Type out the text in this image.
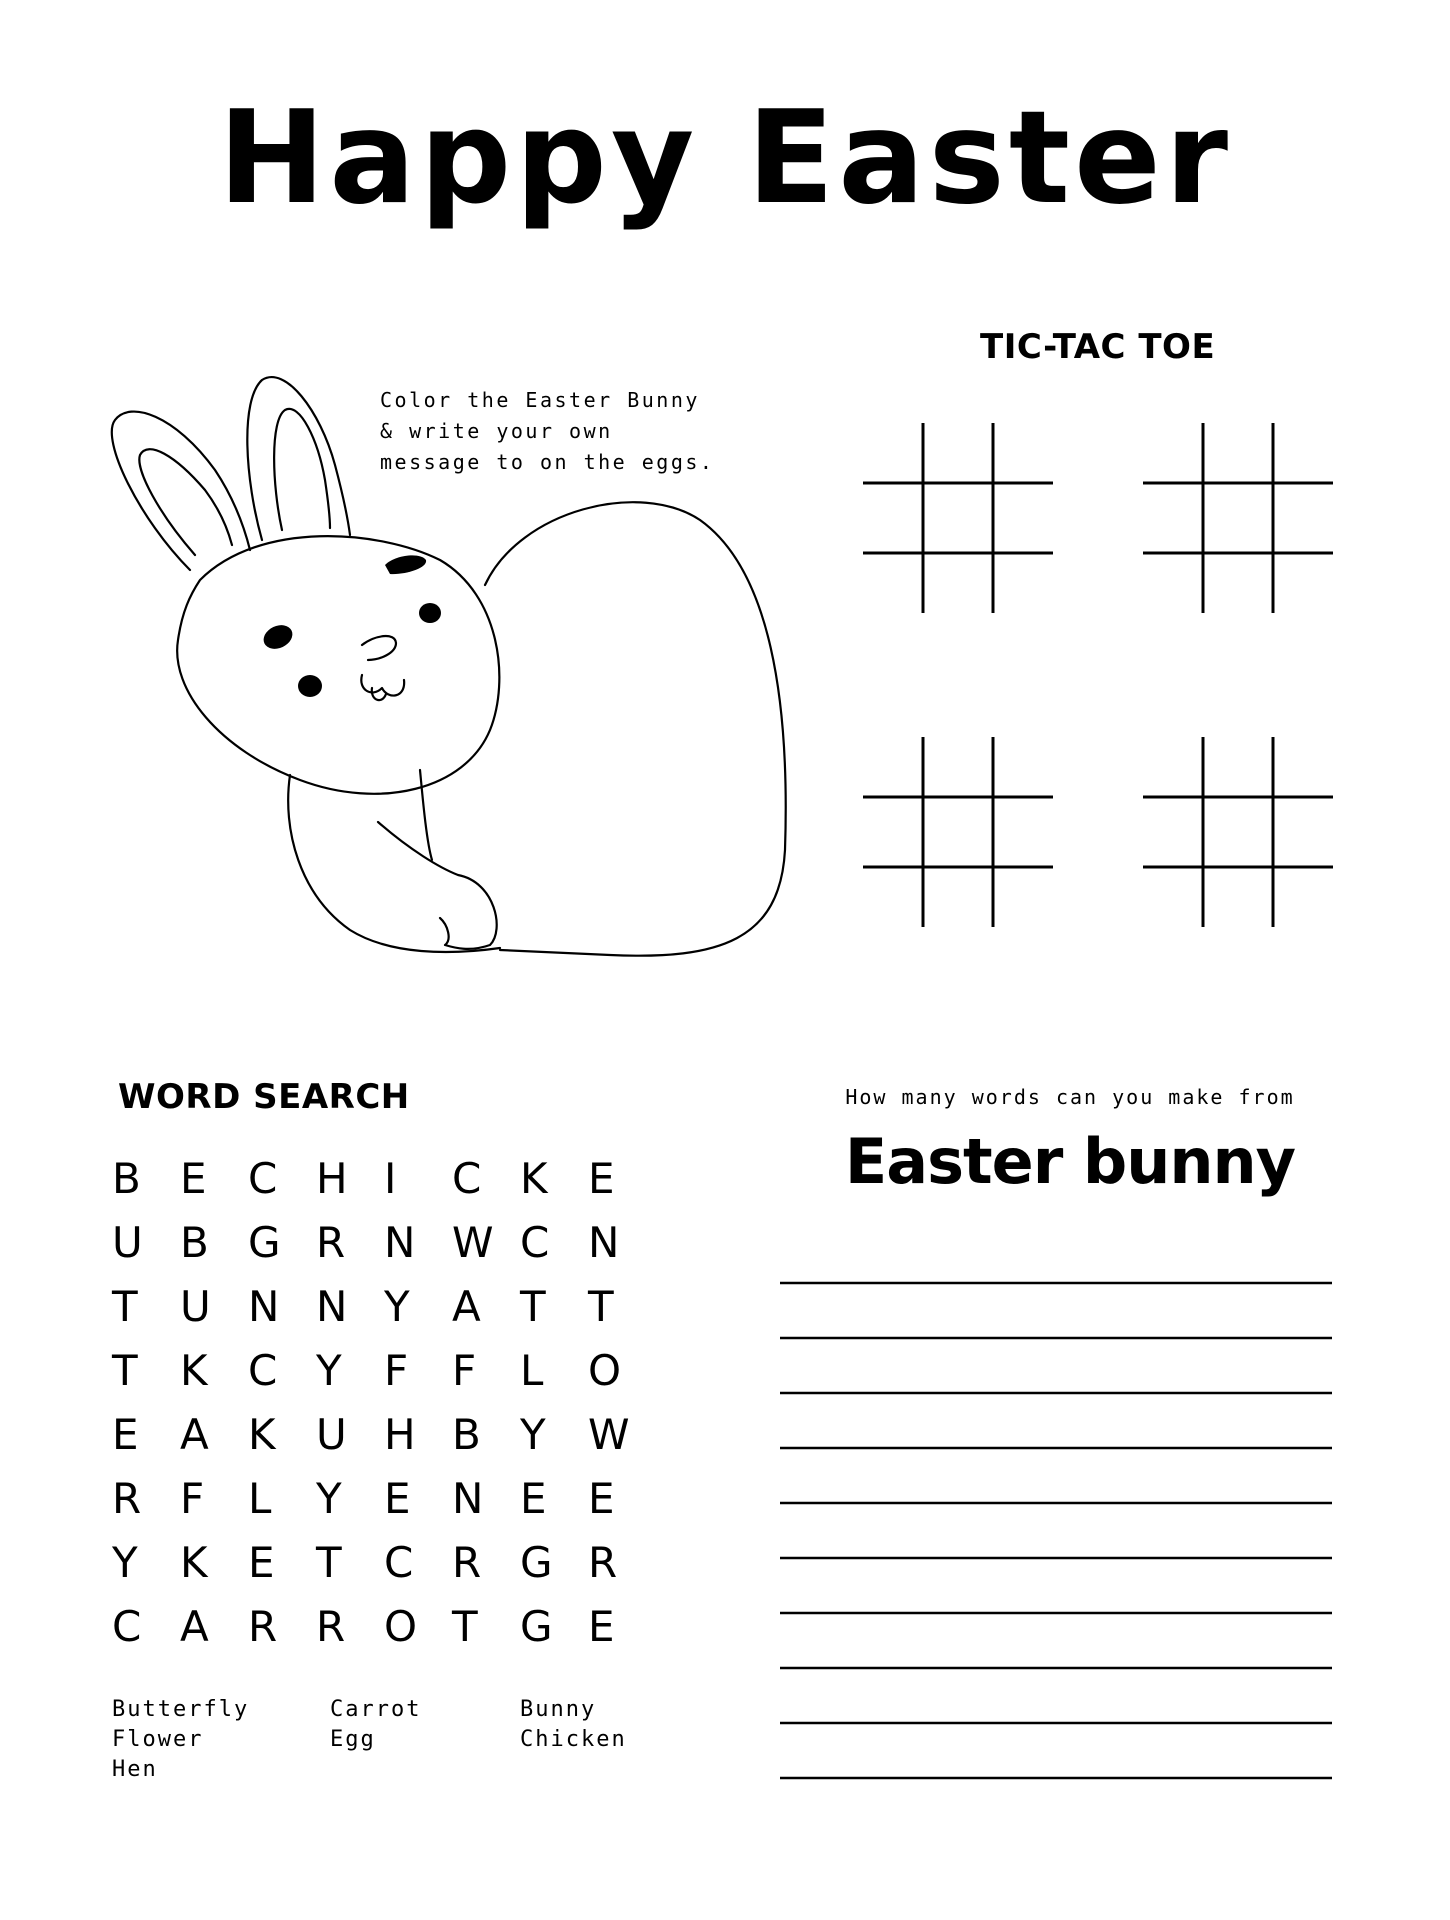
Happy Easter
Color the Easter Bunny
& write your own
message to on the eggs.
TIC-TAC TOE
WORD SEARCH
B E C H I	C K E
U B G R N W C N
T	U N N Y	A T	T
T	K C Y	F	F	L	O
E A K U H B Y	W
R F	L	Y	E N E E
Y	K E T	C R G R
C A R R O T	G E
Butterfly
Flower
Hen
Carrot
Egg
Bunny
Chicken
How many words can you make from
Easter bunny
